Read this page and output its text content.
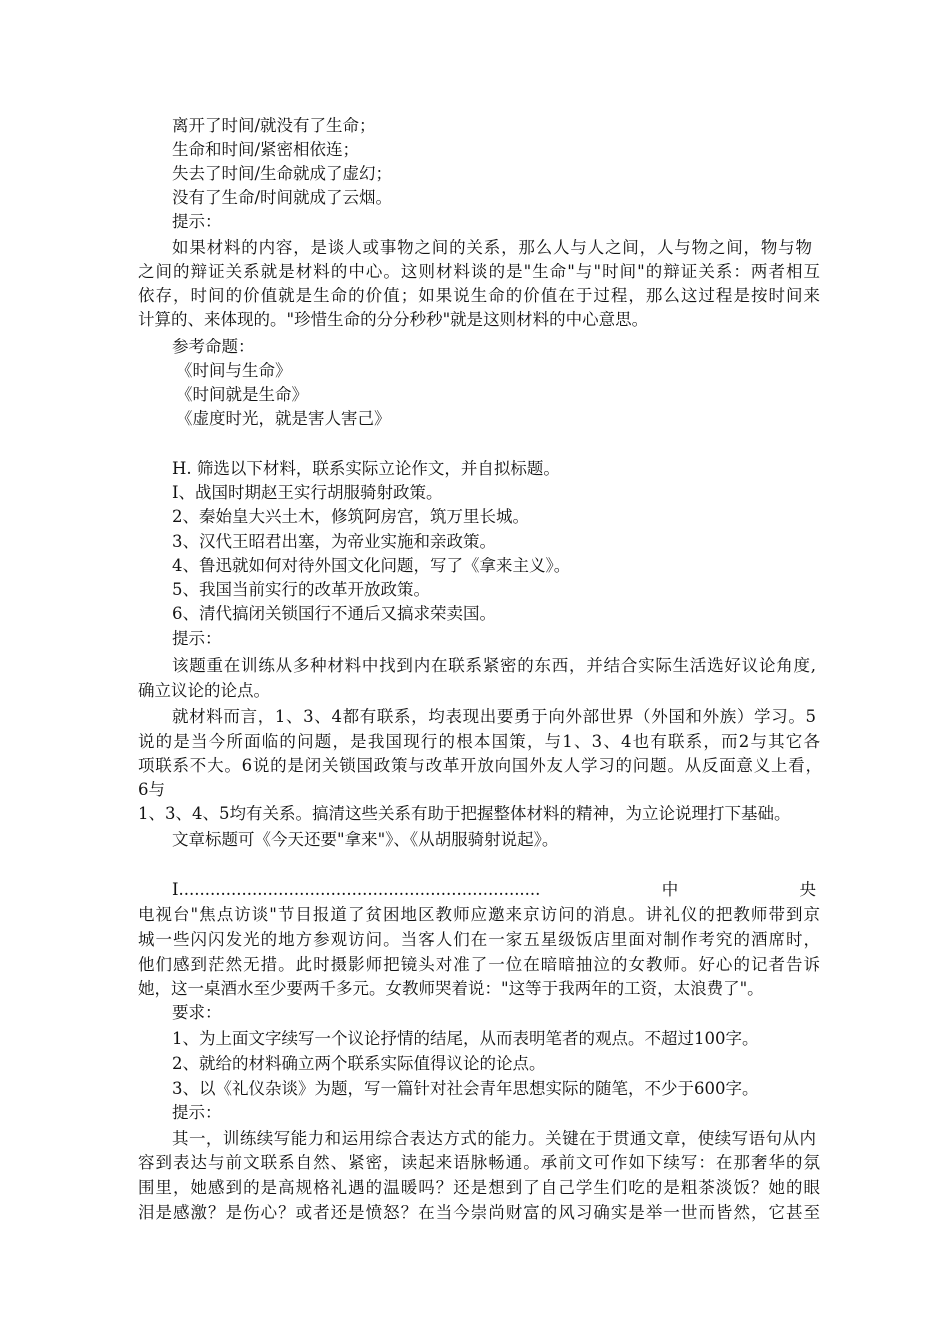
离开了时间/就没有了生命；
生命和时间/紧密相依连；
失去了时间/生命就成了虚幻；
没有了生命/时间就成了云烟。
提示：
如果材料的内容，是谈人或事物之间的关系，那么人与人之间，人与物之间，物与物
之间的辩证关系就是材料的中心。这则材料谈的是"生命"与"时间"的辩证关系：两者相互
依存，时间的价值就是生命的价值；如果说生命的价值在于过程，那么这过程是按时间来
计算的、来体现的。"珍惜生命的分分秒秒"就是这则材料的中心意思。
参考命题：
《时间与生命》
《时间就是生命》
《虚度时光，就是害人害己》
H. 筛选以下材料，联系实际立论作文，并自拟标题。
I、战国时期赵王实行胡服骑射政策。
2、秦始皇大兴土木，修筑阿房宫，筑万里长城。
3、汉代王昭君出塞，为帝业实施和亲政策。
4、鲁迅就如何对待外国文化问题，写了《拿来主义》。
5、我国当前实行的改革开放政策。
6、清代搞闭关锁国行不通后又搞求荣卖国。
提示：
该题重在训练从多种材料中找到内在联系紧密的东西，并结合实际生活选好议论角度,
确立议论的论点。
就材料而言，1、3、4都有联系，均表现出要勇于向外部世界（外国和外族）学习。5
说的是当今所面临的问题，是我国现行的根本国策，与1、3、4也有联系，而2与其它各
项联系不大。6说的是闭关锁国政策与改革开放向国外友人学习的问题。从反面意义上看，
6与
1、3、4、5均有关系。搞清这些关系有助于把握整体材料的精神，为立论说理打下基础。
文章标题可《今天还要"拿来"》、《从胡服骑射说起》。
I.....................................................................中央
电视台"焦点访谈"节目报道了贫困地区教师应邀来京访问的消息。讲礼仪的把教师带到京
城一些闪闪发光的地方参观访问。当客人们在一家五星级饭店里面对制作考究的酒席时，
他们感到茫然无措。此时摄影师把镜头对准了一位在暗暗抽泣的女教师。好心的记者告诉
她，这一桌酒水至少要两千多元。女教师哭着说："这等于我两年的工资，太浪费了"。
要求：
1、为上面文字续写一个议论抒情的结尾，从而表明笔者的观点。不超过100字。
2、就给的材料确立两个联系实际值得议论的论点。
3、以《礼仪杂谈》为题，写一篇针对社会青年思想实际的随笔，不少于600字。
提示：
其一，训练续写能力和运用综合表达方式的能力。关键在于贯通文章，使续写语句从内
容到表达与前文联系自然、紧密，读起来语脉畅通。承前文可作如下续写：在那奢华的氛
围里，她感到的是高规格礼遇的温暖吗？还是想到了自己学生们吃的是粗茶淡饭？她的眼
泪是感激？是伤心？或者还是愤怒？在当今崇尚财富的风习确实是举一世而皆然，它甚至
